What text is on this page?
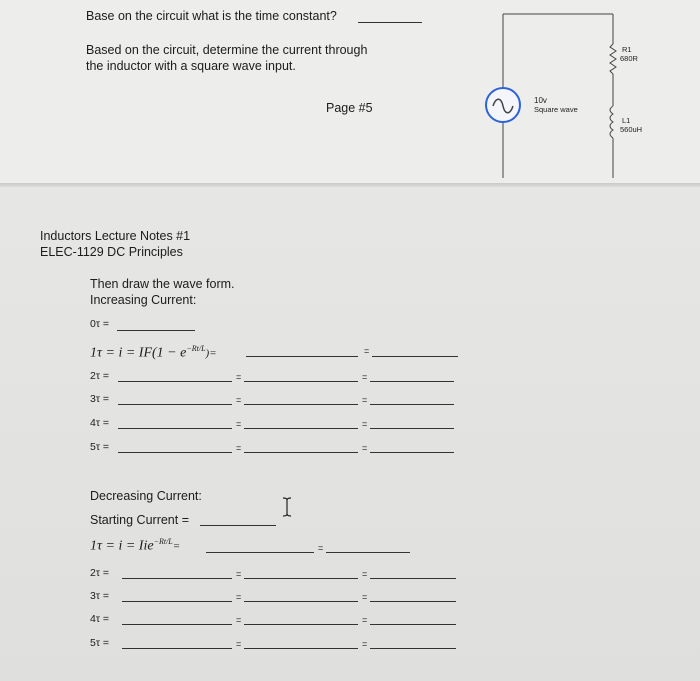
Base on the circuit what is the time constant?
Based on the circuit, determine the current through
the inductor with a square wave input.
Page #5
10v
Square wave
R1
680R
L1
560uH
Inductors Lecture Notes #1
ELEC-1129 DC Principles
Then draw the wave form.
Increasing Current:
0τ =
$1\tau = i = IF(1 - e^{-Rt/L})=$	=
2τ =	=	=
3τ =	=	=
4τ =	=	=
5τ =	=	=
Decreasing Current:
Starting Current =
1τ = i = Iie$^{-Rt/L}$=	=
2τ =	=	=
3τ =	=	=
4τ =	=	=
5τ =	=	=
